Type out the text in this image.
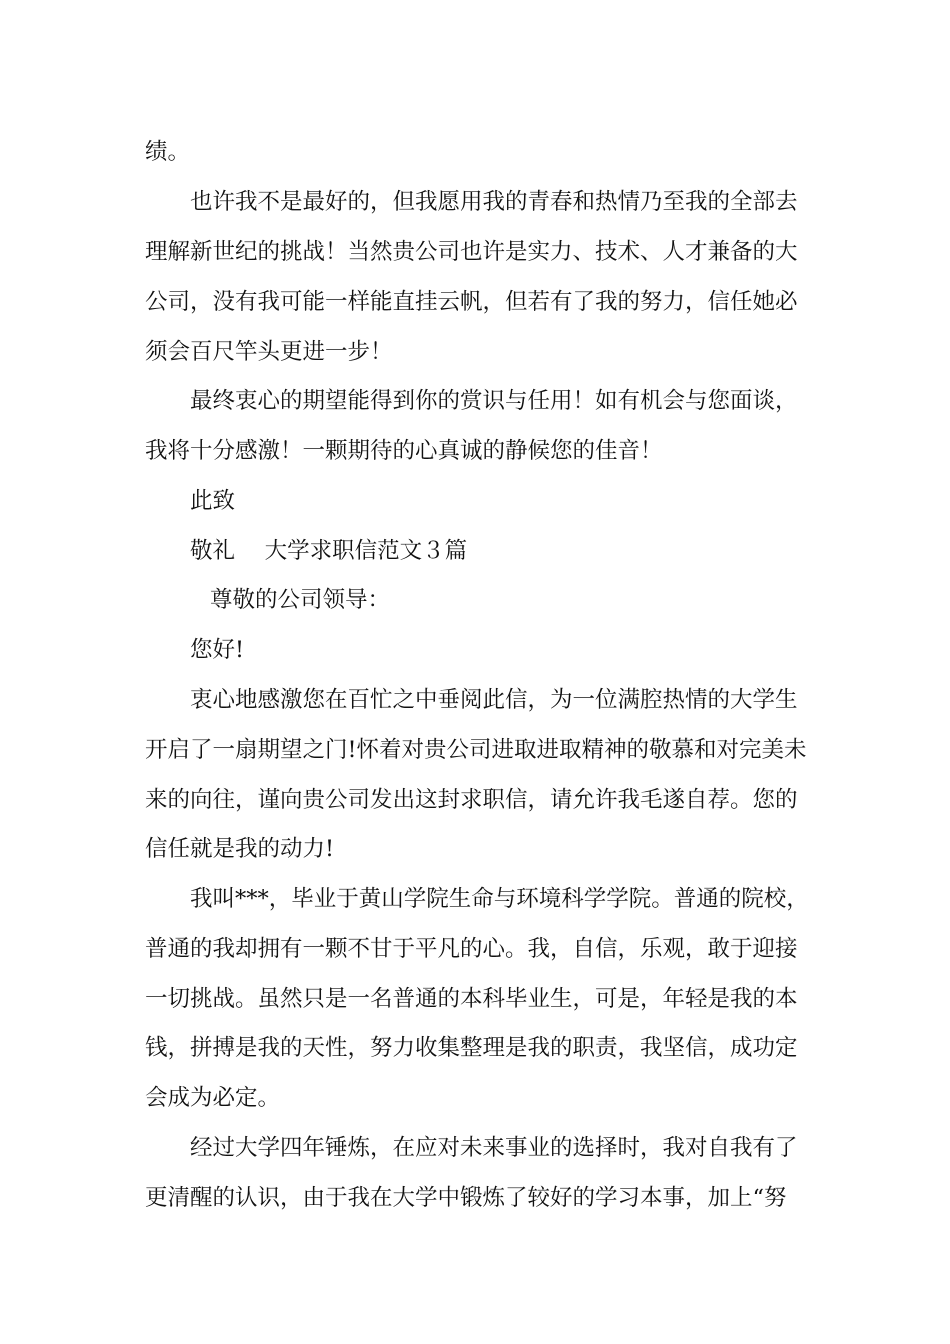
绩。
也许我不是最好的，但我愿用我的青春和热情乃至我的全部去
理解新世纪的挑战！当然贵公司也许是实力、技术、人才兼备的大
公司，没有我可能一样能直挂云帆，但若有了我的努力，信任她必
须会百尺竿头更进一步！
最终衷心的期望能得到你的赏识与任用！如有机会与您面谈，
我将十分感激！一颗期待的心真诚的静候您的佳音！
此致
敬礼　 大学求职信范文３篇
尊敬的公司领导：
您好!
衷心地感激您在百忙之中垂阅此信，为一位满腔热情的大学生
开启了一扇期望之门!怀着对贵公司进取进取精神的敬慕和对完美未
来的向往，谨向贵公司发出这封求职信，请允许我毛遂自荐。您的
信任就是我的动力!
我叫***，毕业于黄山学院生命与环境科学学院。普通的院校，
普通的我却拥有一颗不甘于平凡的心。我，自信，乐观，敢于迎接
一切挑战。虽然只是一名普通的本科毕业生，可是，年轻是我的本
钱，拼搏是我的天性，努力收集整理是我的职责，我坚信，成功定
会成为必定。
经过大学四年锤炼，在应对未来事业的选择时，我对自我有了
更清醒的认识，由于我在大学中锻炼了较好的学习本事，加上“努
